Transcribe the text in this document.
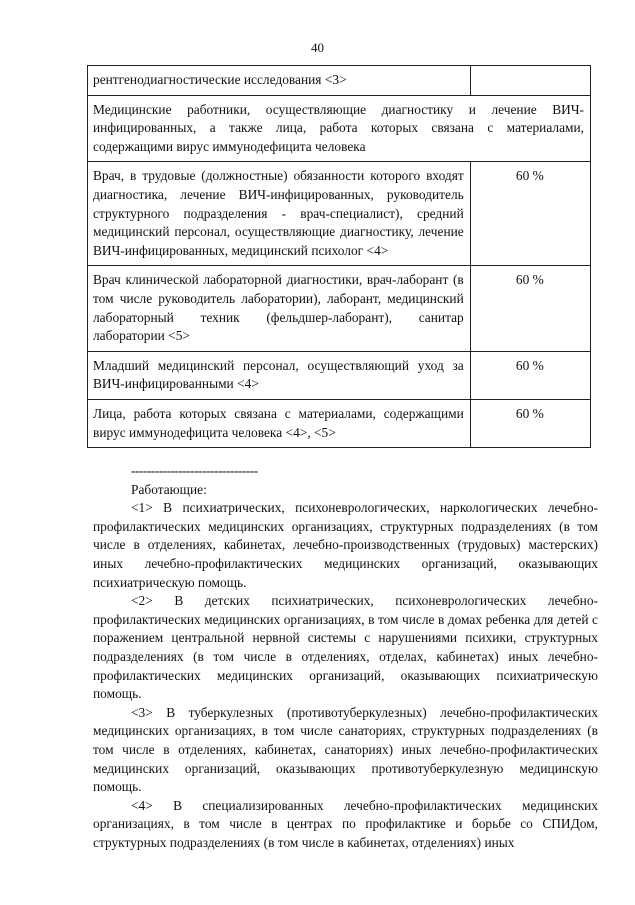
40
рентгенодиагностические исследования <3>	
Медицинские работники, осуществляющие диагностику и лечение ВИЧ-инфицированных, а также лица, работа которых связана с материалами, содержащими вирус иммунодефицита человека	
Врач, в трудовые (должностные) обязанности которого входят диагностика, лечение ВИЧ-инфицированных, руководитель структурного подразделения - врач-специалист), средний медицинский персонал, осуществляющие диагностику, лечение ВИЧ-инфицированных, медицинский психолог <4>	60 %
Врач клинической лабораторной диагностики, врач-лаборант (в том числе руководитель лаборатории), лаборант, медицинский лабораторный техник (фельдшер-лаборант), санитар лаборатории <5>	60 %
Младший медицинский персонал, осуществляющий уход за ВИЧ-инфицированными <4>	60 %
Лица, работа которых связана с материалами, содержащими вирус иммунодефицита человека <4>, <5>	60 %
--------------------------------
Работающие:

<1> В психиатрических, психоневрологических, наркологических лечебно-профилактических медицинских организациях, структурных подразделениях (в том числе в отделениях, кабинетах, лечебно-производственных (трудовых) мастерских) иных лечебно-профилактических медицинских организаций, оказывающих психиатрическую помощь.

<2> В детских психиатрических, психоневрологических лечебно-профилактических медицинских организациях, в том числе в домах ребенка для детей с поражением центральной нервной системы с нарушениями психики, структурных подразделениях (в том числе в отделениях, отделах, кабинетах) иных лечебно-профилактических медицинских организаций, оказывающих психиатрическую помощь.

<3> В туберкулезных (противотуберкулезных) лечебно-профилактических медицинских организациях, в том числе санаториях, структурных подразделениях (в том числе в отделениях, кабинетах, санаториях) иных лечебно-профилактических медицинских организаций, оказывающих противотуберкулезную медицинскую помощь.

<4> В специализированных лечебно-профилактических медицинских организациях, в том числе в центрах по профилактике и борьбе со СПИДом, структурных подразделениях (в том числе в кабинетах, отделениях) иных
